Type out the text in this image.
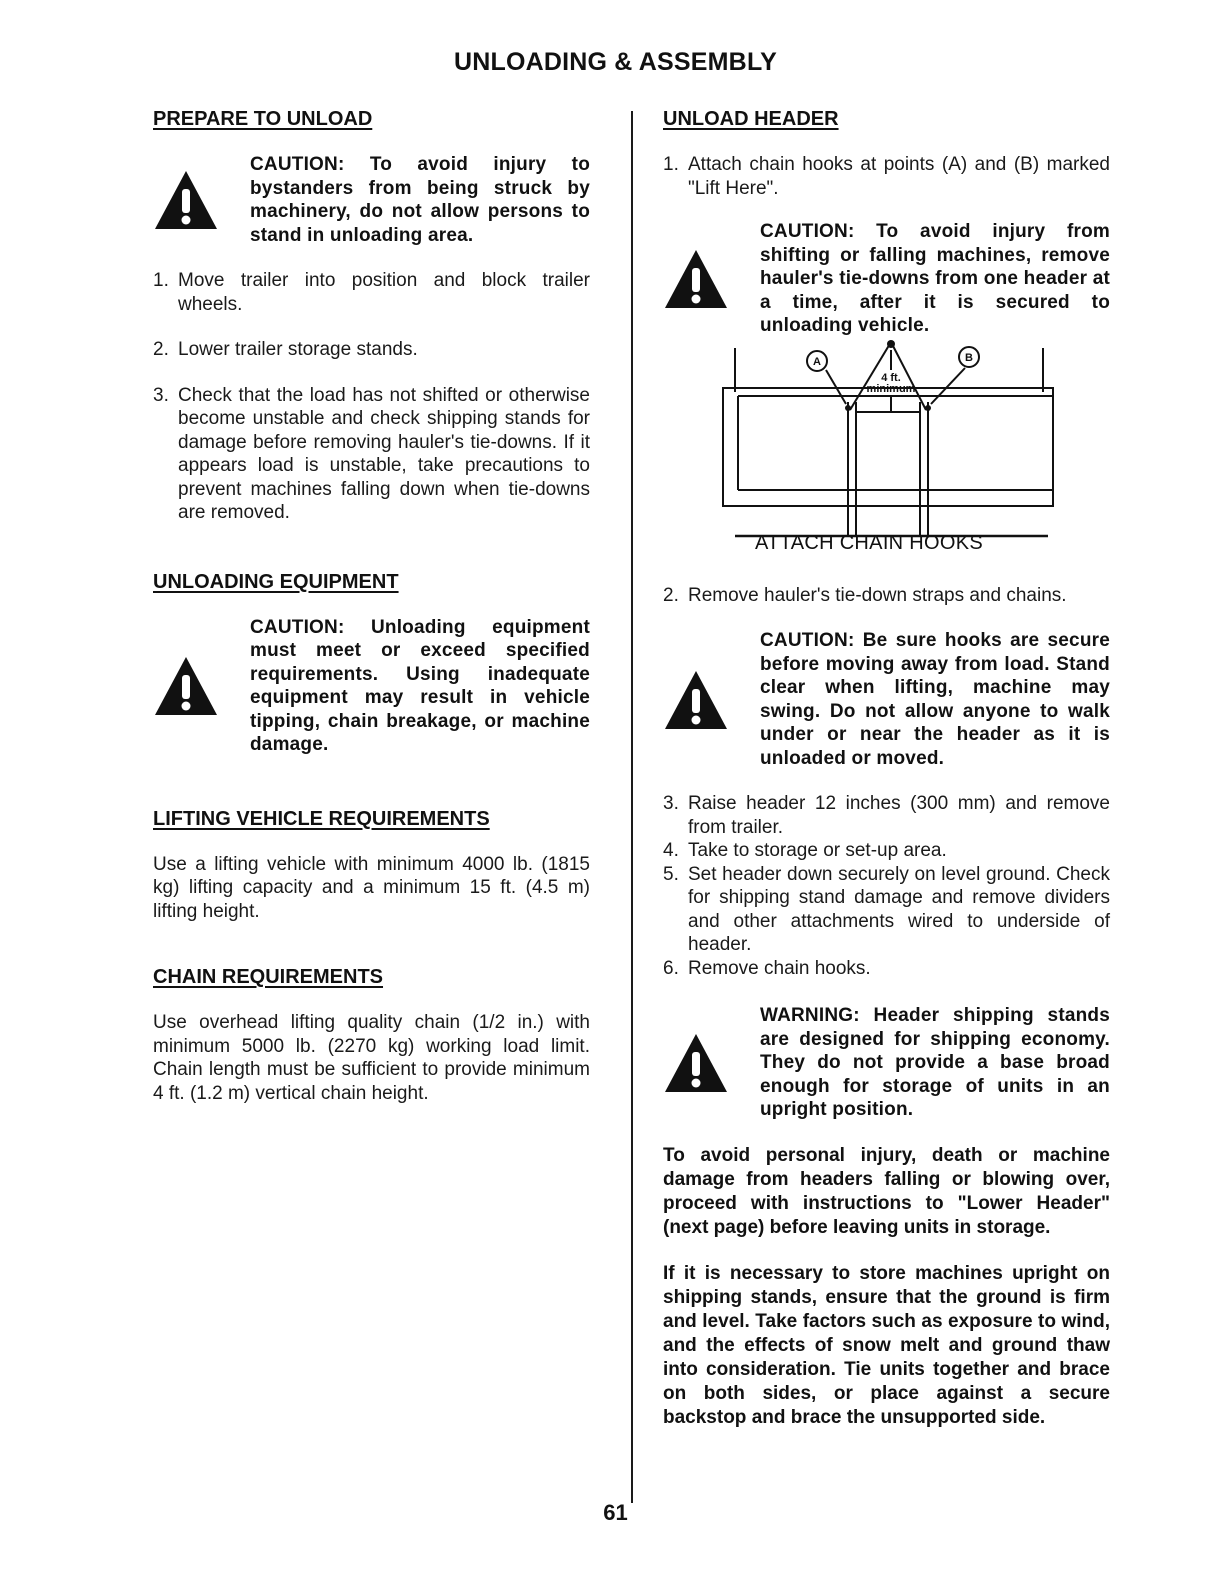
UNLOADING & ASSEMBLY
PREPARE TO UNLOAD
CAUTION: To avoid injury to bystanders from being struck by machinery, do not allow persons to stand in unloading area.
1. Move trailer into position and block trailer wheels.
2. Lower trailer storage stands.
3. Check that the load has not shifted or otherwise become unstable and check shipping stands for damage before removing hauler's tie-downs. If it appears load is unstable, take precautions to prevent machines falling down when tie-downs are removed.
UNLOADING EQUIPMENT
CAUTION: Unloading equipment must meet or exceed specified requirements. Using inadequate equipment may result in vehicle tipping, chain breakage, or machine damage.
LIFTING VEHICLE REQUIREMENTS

Use a lifting vehicle with minimum 4000 lb. (1815 kg) lifting capacity and a minimum 15 ft. (4.5 m) lifting height.

CHAIN REQUIREMENTS

Use overhead lifting quality chain (1/2 in.) with minimum 5000 lb. (2270 kg) working load limit. Chain length must be sufficient to provide minimum 4 ft. (1.2 m) vertical chain height.

UNLOAD HEADER
1. Attach chain hooks at points (A) and (B) marked "Lift Here".
CAUTION: To avoid injury from shifting or falling machines, remove hauler's tie-downs from one header at a time, after it is secured to unloading vehicle.
A	B
4 ft.
minimum
ATTACH CHAIN HOOKS
2. Remove hauler's tie-down straps and chains.
CAUTION: Be sure hooks are secure before moving away from load. Stand clear when lifting, machine may swing. Do not allow anyone to walk under or near the header as it is unloaded or moved.
3. Raise header 12 inches (300 mm) and remove from trailer.
4. Take to storage or set-up area.
5. Set header down securely on level ground. Check for shipping stand damage and remove dividers and other attachments wired to underside of header.
6. Remove chain hooks.
WARNING: Header shipping stands are designed for shipping economy. They do not provide a base broad enough for storage of units in an upright position.

To avoid personal injury, death or machine damage from headers falling or blowing over, proceed with instructions to "Lower Header" (next page) before leaving units in storage.

If it is necessary to store machines upright on shipping stands, ensure that the ground is firm and level. Take factors such as exposure to wind, and the effects of snow melt and ground thaw into consideration. Tie units together and brace on both sides, or place against a secure backstop and brace the unsupported side.

61
